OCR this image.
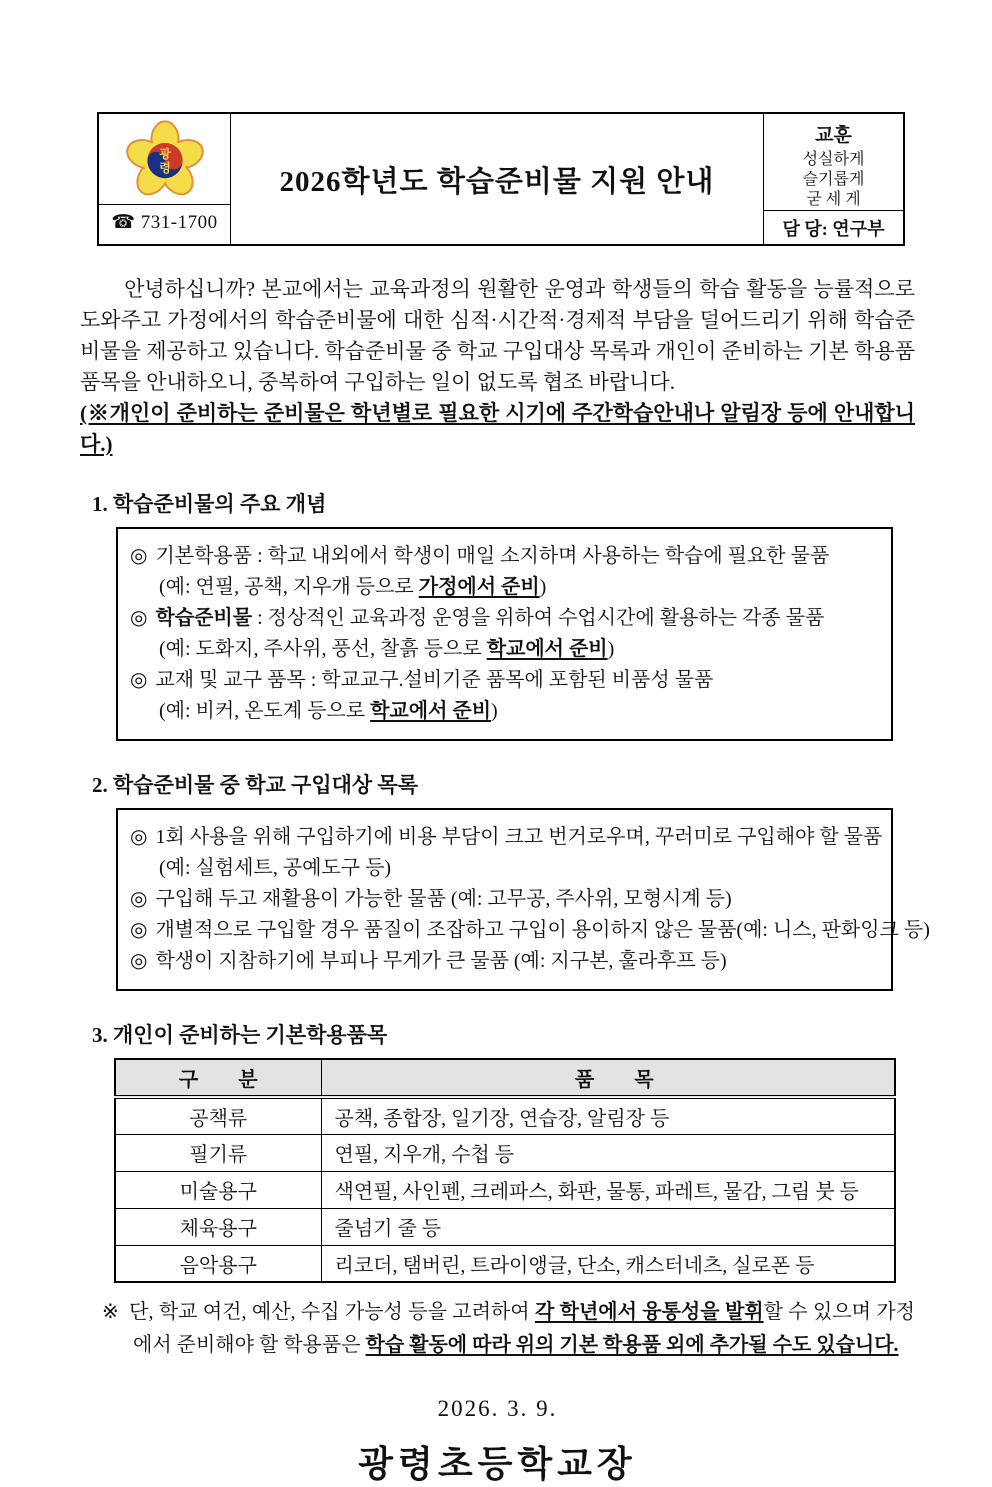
광
령
☎
731-1700
2026학년도 학습준비물 지원 안내
교훈
성실하게
슬기롭게
굳 세 게
담 당: 연구부
안녕하십니까? 본교에서는 교육과정의 원활한 운영과 학생들의 학습 활동을 능률적으로 도와주고 가정에서의 학습준비물에 대한 심적·시간적·경제적 부담을 덜어드리기 위해 학습준비물을 제공하고 있습니다. 학습준비물 중 학교 구입대상 목록과 개인이 준비하는 기본 학용품 품목을 안내하오니, 중복하여 구입하는 일이 없도록 협조 바랍니다.
(※개인이 준비하는 준비물은 학년별로 필요한 시기에 주간학습안내나 알림장 등에 안내합니다.)
1. 학습준비물의 주요 개념
◎ 기본학용품 : 학교 내외에서 학생이 매일 소지하며 사용하는 학습에 필요한 물품
(예: 연필, 공책, 지우개 등으로 가정에서 준비)
◎ 학습준비물 : 정상적인 교육과정 운영을 위하여 수업시간에 활용하는 각종 물품
(예: 도화지, 주사위, 풍선, 찰흙 등으로 학교에서 준비)
◎ 교재 및 교구 품목 : 학교교구.설비기준 품목에 포함된 비품성 물품
(예: 비커, 온도계 등으로 학교에서 준비)
2. 학습준비물 중 학교 구입대상 목록
◎ 1회 사용을 위해 구입하기에 비용 부담이 크고 번거로우며, 꾸러미로 구입해야 할 물품
(예: 실험세트, 공예도구 등)
◎ 구입해 두고 재활용이 가능한 물품 (예: 고무공, 주사위, 모형시계 등)
◎ 개별적으로 구입할 경우 품질이 조잡하고 구입이 용이하지 않은 물품(예: 니스, 판화잉크 등)
◎ 학생이 지참하기에 부피나 무게가 큰 물품 (예: 지구본, 훌라후프 등)
3. 개인이 준비하는 기본학용품목
구　　분	품　　목
공책류	공책, 종합장, 일기장, 연습장, 알림장 등
필기류	연필, 지우개, 수첩 등
미술용구	색연필, 사인펜, 크레파스, 화판, 물통, 파레트, 물감, 그림 붓 등
체육용구	줄넘기 줄 등
음악용구	리코더, 탬버린, 트라이앵글, 단소, 캐스터네츠, 실로폰 등
※ 단, 학교 여건, 예산, 수집 가능성 등을 고려하여 각 학년에서 융통성을 발휘할 수 있으며 가정에서 준비해야 할 학용품은 학습 활동에 따라 위의 기본 학용품 외에 추가될 수도 있습니다.
2026. 3. 9.
광령초등학교장
